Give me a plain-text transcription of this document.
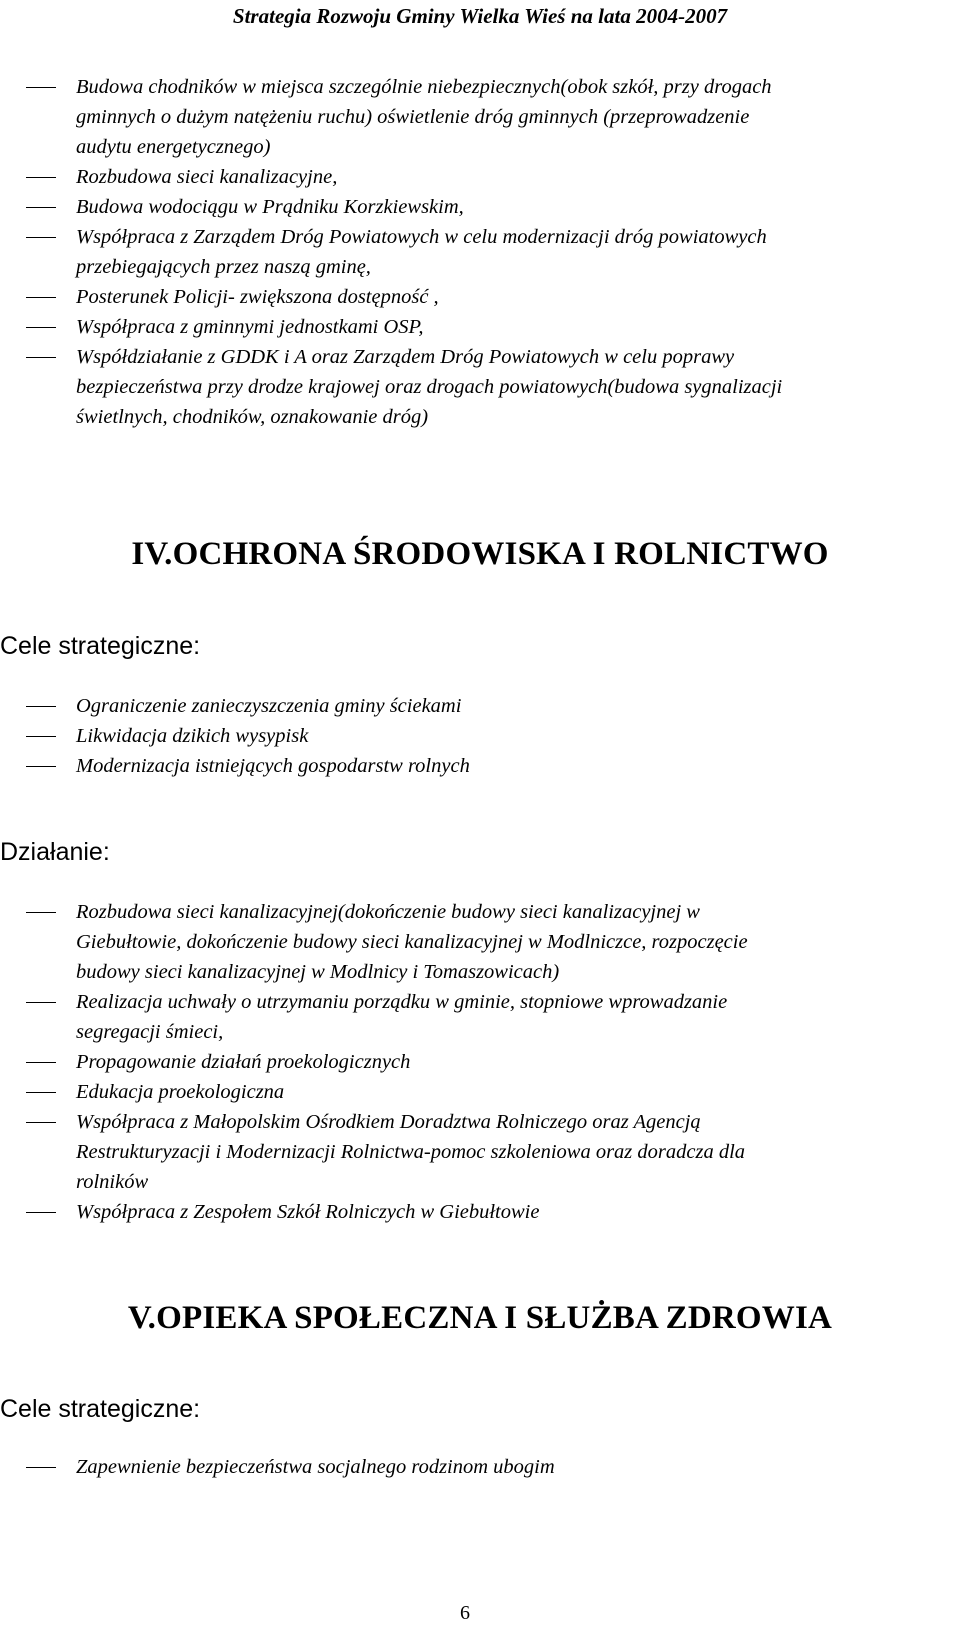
Strategia Rozwoju Gminy Wielka Wieś na lata 2004-2007
Budowa chodników w miejsca szczególnie niebezpiecznych(obok szkół, przy drogach
gminnych o dużym natężeniu ruchu) oświetlenie dróg gminnych (przeprowadzenie
audytu energetycznego)
Rozbudowa sieci kanalizacyjne,
Budowa wodociągu w Prądniku Korzkiewskim,
Współpraca z Zarządem Dróg Powiatowych w celu modernizacji dróg powiatowych
przebiegających przez naszą gminę,
Posterunek Policji- zwiększona dostępność ,
Współpraca z gminnymi jednostkami OSP,
Współdziałanie z GDDK i A oraz Zarządem Dróg Powiatowych w celu poprawy
bezpieczeństwa przy drodze krajowej oraz drogach powiatowych(budowa sygnalizacji
świetlnych, chodników, oznakowanie dróg)
IV.OCHRONA ŚRODOWISKA I ROLNICTWO
Cele strategiczne:
Ograniczenie zanieczyszczenia gminy ściekami
Likwidacja dzikich wysypisk
Modernizacja istniejących gospodarstw rolnych
Działanie:
Rozbudowa sieci kanalizacyjnej(dokończenie budowy sieci kanalizacyjnej w
Giebułtowie, dokończenie budowy sieci kanalizacyjnej w Modlniczce, rozpoczęcie
budowy sieci kanalizacyjnej w Modlnicy i Tomaszowicach)
Realizacja uchwały o utrzymaniu porządku w gminie, stopniowe wprowadzanie
segregacji śmieci,
Propagowanie działań proekologicznych
Edukacja proekologiczna
Współpraca z Małopolskim Ośrodkiem Doradztwa Rolniczego oraz Agencją
Restrukturyzacji i Modernizacji Rolnictwa-pomoc szkoleniowa oraz doradcza dla
rolników
Współpraca z Zespołem Szkół Rolniczych w Giebułtowie
V.OPIEKA SPOŁECZNA I SŁUŻBA ZDROWIA
Cele strategiczne:
Zapewnienie bezpieczeństwa socjalnego rodzinom ubogim
6
